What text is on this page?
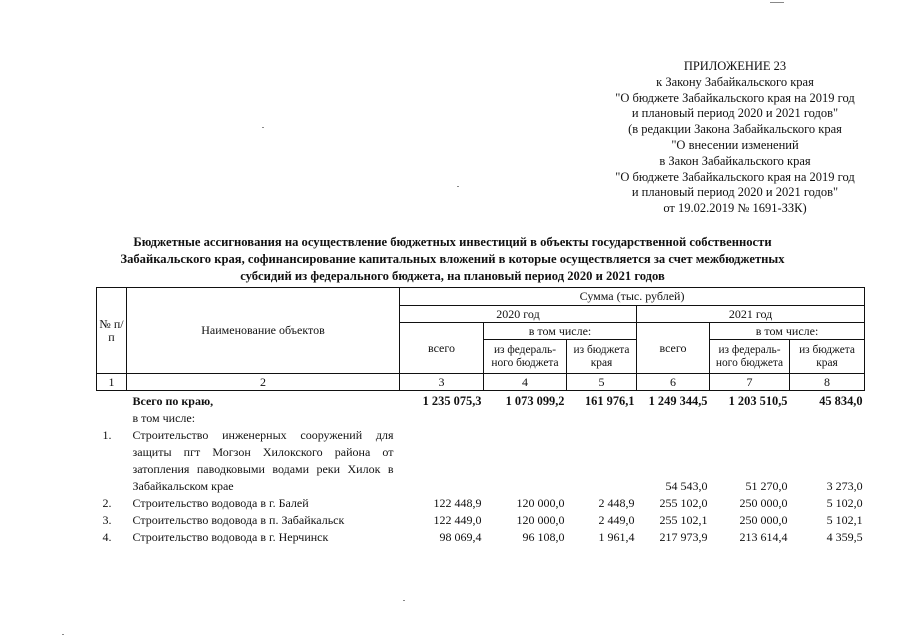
ПРИЛОЖЕНИЕ 23
к Закону Забайкальского края
"О бюджете Забайкальского края на 2019 год
и плановый период 2020 и 2021 годов"
(в редакции Закона Забайкальского края
"О внесении изменений
в Закон Забайкальского края
"О бюджете Забайкальского края на 2019 год
и плановый период 2020 и 2021 годов"
от 19.02.2019 № 1691-ЗЗК)
Бюджетные ассигнования на осуществление бюджетных инвестиций в объекты государственной собственности
Забайкальского края, софинансирование капитальных вложений в которые осуществляется за счет межбюджетных
субсидий из федерального бюджета, на плановый период 2020 и 2021 годов
№ п/п	Наименование объектов	Сумма (тыс. рублей)					
		2020 год			2021 год		
		всего	в том числе:		всего	в том числе:	
			из федераль-ного бюджета	из бюджета края		из федераль-ного бюджета	из бюджета края
1	2	3	4	5	6	7	8
	Всего по краю,	1 235 075,3	1 073 099,2	161 976,1	1 249 344,5	1 203 510,5	45 834,0
	в том числе:						
1.	Строительство инженерных сооружений для защиты пгт Могзон Хилокского района от затопления паводковыми водами реки Хилок в Забайкальском крае				54 543,0	51 270,0	3 273,0
2.	Строительство водовода в г. Балей	122 448,9	120 000,0	2 448,9	255 102,0	250 000,0	5 102,0
3.	Строительство водовода в п. Забайкальск	122 449,0	120 000,0	2 449,0	255 102,1	250 000,0	5 102,1
4.	Строительство водовода в г. Нерчинск	98 069,4	96 108,0	1 961,4	217 973,9	213 614,4	4 359,5
